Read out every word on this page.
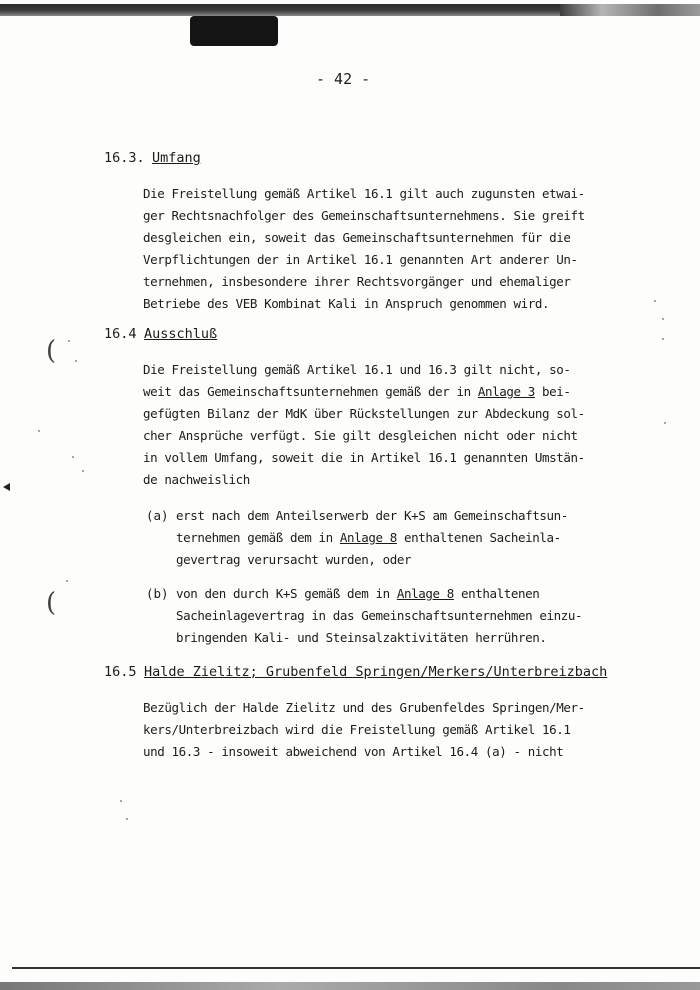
(
(
- 42 -
16.3. Umfang
Die Freistellung gemäß Artikel 16.1 gilt auch zugunsten etwai-
ger Rechtsnachfolger des Gemeinschaftsunternehmens. Sie greift
desgleichen ein, soweit das Gemeinschaftsunternehmen für die
Verpflichtungen der in Artikel 16.1 genannten Art anderer Un-
ternehmen, insbesondere ihrer Rechtsvorgänger und ehemaliger
Betriebe des VEB Kombinat Kali in Anspruch genommen wird.
16.4 Ausschluß
Die Freistellung gemäß Artikel 16.1 und 16.3 gilt nicht, so-
weit das Gemeinschaftsunternehmen gemäß der in Anlage 3 bei-
gefügten Bilanz der MdK über Rückstellungen zur Abdeckung sol-
cher Ansprüche verfügt. Sie gilt desgleichen nicht oder nicht
in vollem Umfang, soweit die in Artikel 16.1 genannten Umstän-
de nachweislich
(a) erst nach dem Anteilserwerb der K+S am Gemeinschaftsun-
ternehmen gemäß dem in Anlage 8 enthaltenen Sacheinla-
gevertrag verursacht wurden, oder
(b) von den durch K+S gemäß dem in Anlage 8 enthaltenen
Sacheinlagevertrag in das Gemeinschaftsunternehmen einzu-
bringenden Kali- und Steinsalzaktivitäten herrühren.
16.5 Halde Zielitz; Grubenfeld Springen/Merkers/Unterbreizbach
Bezüglich der Halde Zielitz und des Grubenfeldes Springen/Mer-
kers/Unterbreizbach wird die Freistellung gemäß Artikel 16.1
und 16.3 - insoweit abweichend von Artikel 16.4 (a) - nicht
